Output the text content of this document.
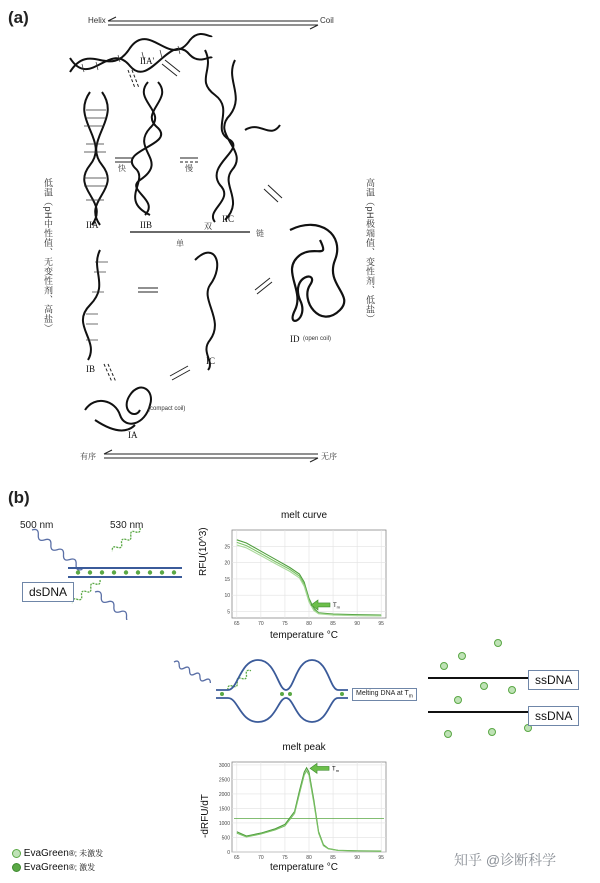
(a)	Helix	Coil
有序	无序
IIA'
IIA	IIB
IIC
ID (open coil)
IB
IC
IA
(compact coil)
快	慢
双
单
链
低温（pH中性值、无变性剂、高盐）	高温（pH极端值、变性剂、低盐）
(b)
500 nm	530 nm
dsDNA
melt curve
RFU(10^3)
temperature °C
65	70	75	80	85	90	95
5
10
15
20
25
$T_m$
Melting DNA at $T_m$
ssDNA
ssDNA
melt peak
-dRFU/dT
temperature °C
65	70	75	80	85	90	95
0
500
1000
1500
2000
2500
3000
$T_m$
EvaGreen®; 未激发
EvaGreen®; 激发	知乎 @诊断科学
